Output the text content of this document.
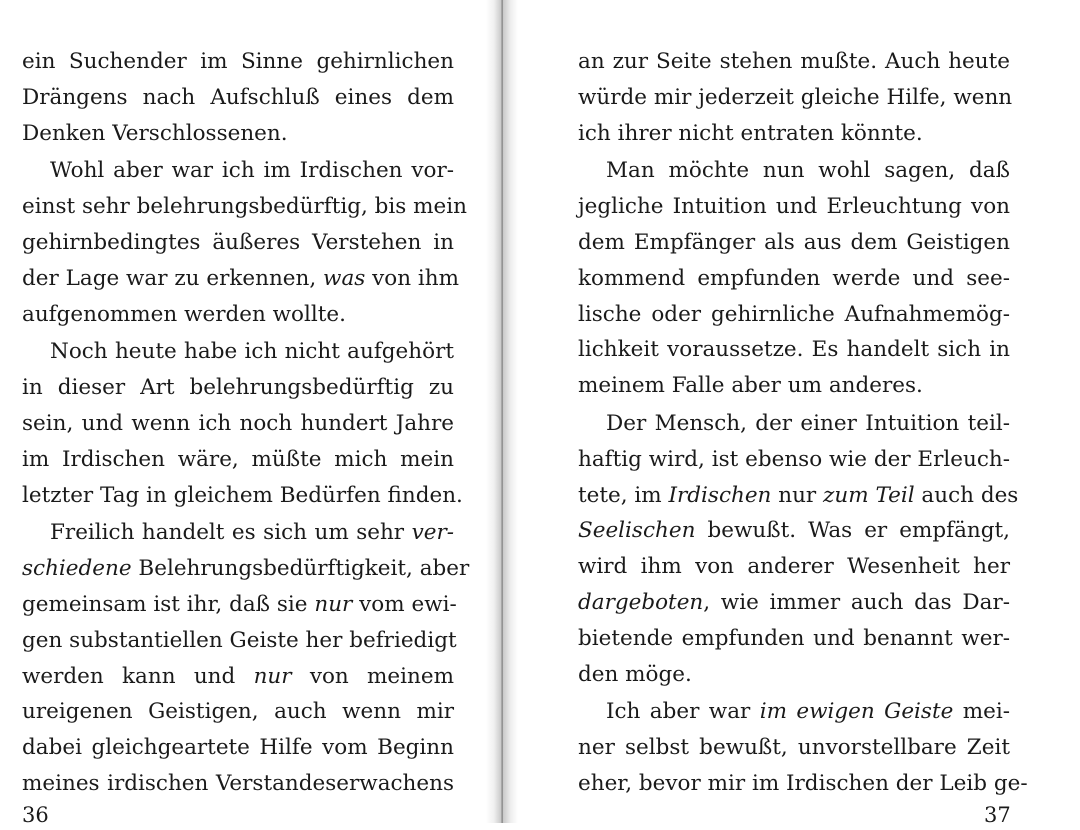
ein Suchender im Sinne gehirnlichen
Drängens nach Aufschluß eines dem
Denken Verschlossenen.
Wohl aber war ich im Irdischen vor-
einst sehr belehrungsbedürftig, bis mein
gehirnbedingtes äußeres Verstehen in
der Lage war zu erkennen, was von ihm
aufgenommen werden wollte.
Noch heute habe ich nicht aufgehört
in dieser Art belehrungsbedürftig zu
sein, und wenn ich noch hundert Jahre
im Irdischen wäre, müßte mich mein
letzter Tag in gleichem Bedürfen finden.
Freilich handelt es sich um sehr ver-
schiedene Belehrungsbedürftigkeit, aber
gemeinsam ist ihr, daß sie nur vom ewi-
gen substantiellen Geiste her befriedigt
werden kann und nur von meinem
ureigenen Geistigen, auch wenn mir
dabei gleichgeartete Hilfe vom Beginn
meines irdischen Verstandeserwachens
an zur Seite stehen mußte. Auch heute
würde mir jederzeit gleiche Hilfe, wenn
ich ihrer nicht entraten könnte.
Man möchte nun wohl sagen, daß
jegliche Intuition und Erleuchtung von
dem Empfänger als aus dem Geistigen
kommend empfunden werde und see-
lische oder gehirnliche Aufnahmemög-
lichkeit voraussetze. Es handelt sich in
meinem Falle aber um anderes.
Der Mensch, der einer Intuition teil-
haftig wird, ist ebenso wie der Erleuch-
tete, im Irdischen nur zum Teil auch des
Seelischen bewußt. Was er empfängt,
wird ihm von anderer Wesenheit her
dargeboten, wie immer auch das Dar-
bietende empfunden und benannt wer-
den möge.
Ich aber war im ewigen Geiste mei-
ner selbst bewußt, unvorstellbare Zeit
eher, bevor mir im Irdischen der Leib ge-
36	37
